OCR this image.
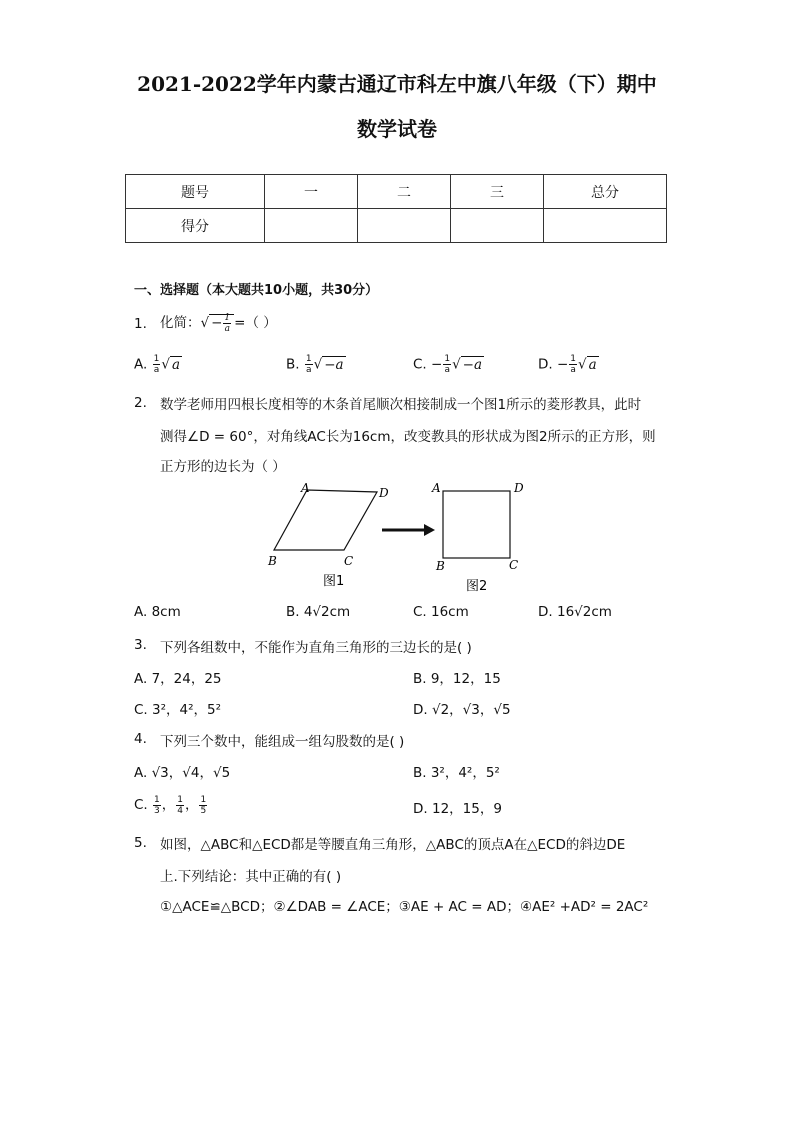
2021-2022学年内蒙古通辽市科左中旗八年级（下）期中
数学试卷
题号	一	二	三	总分
得分				
一、选择题（本大题共10小题，共30分）
1. 化简：√ − $\frac{1}{a}$ =（ ）
A. $\frac{1}{a}$ √ a	B. $\frac{1}{a}$ √ −a	C. − $\frac{1}{a}$ √ −a	D. − $\frac{1}{a}$ √ a
2. 数学老师用四根长度相等的木条首尾顺次相接制成一个图1所示的菱形教具，此时
测得∠D = 60°，对角线AC长为16cm，改变教具的形状成为图2所示的正方形，则
正方形的边长为（ ）
A	D
B	C
图1
A	D
B	C
图2
A. 8cm	B. 4√2cm	C. 16cm	D. 16√2cm
3. 下列各组数中，不能作为直角三角形的三边长的是( )
A. 7，24，25	B. 9，12，15
C. 3²，4²，5²	D. √2，√3，√5
4. 下列三个数中，能组成一组勾股数的是( )
A. √3，√4，√5	B. 3²，4²，5²
C. $\frac{1}{3}$ ， $\frac{1}{4}$ ， $\frac{1}{5}$	D. 12，15，9
5. 如图，△ABC和△ECD都是等腰直角三角形，△ABC的顶点A在△ECD的斜边DE
上.下列结论：其中正确的有( )
①△ACE≌△BCD；②∠DAB = ∠ACE；③AE + AC = AD；④AE² +AD² = 2AC²
